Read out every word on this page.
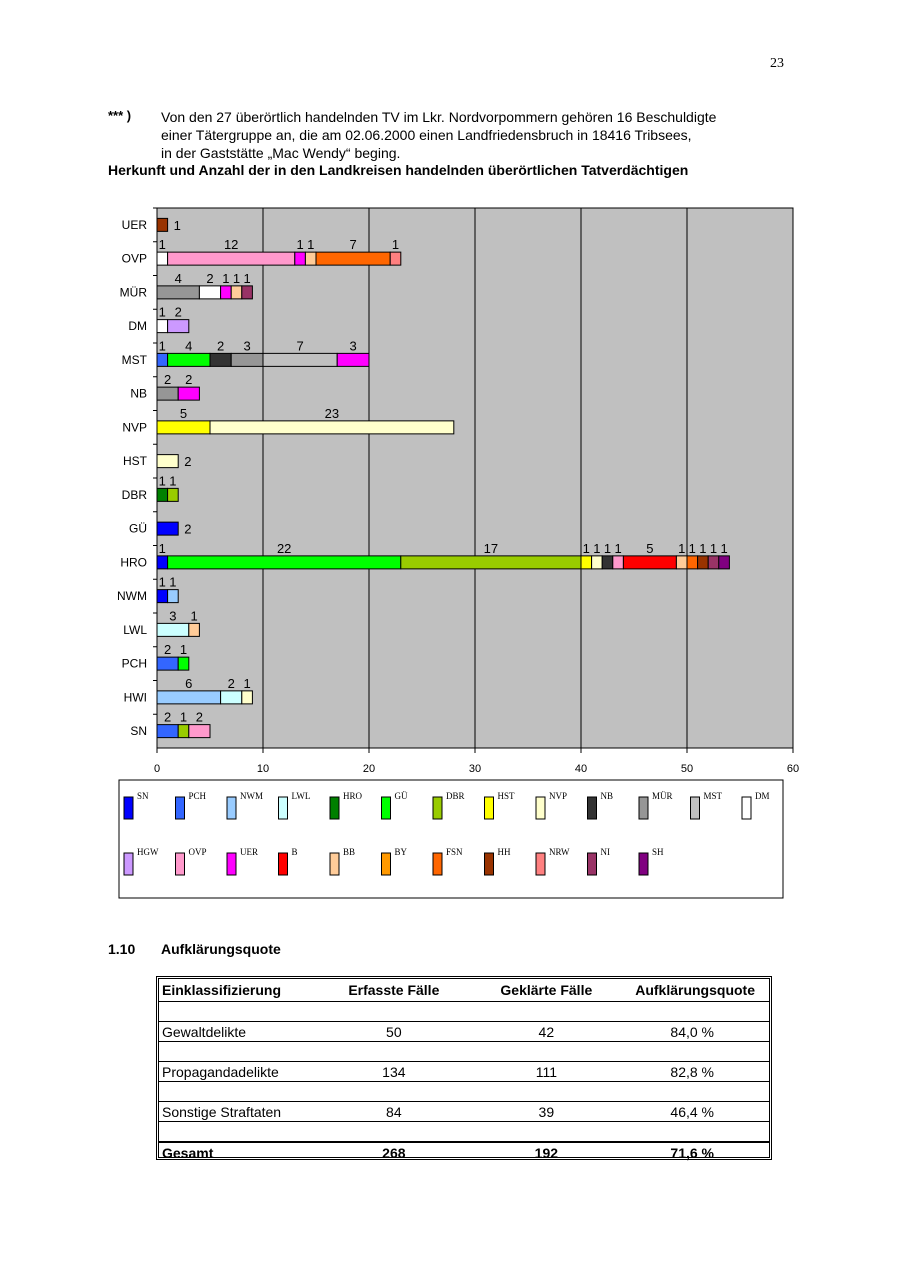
23
*** ) Von den 27 überörtlich handelnden TV im Lkr. Nordvorpommern gehören 16 Beschuldigte
einer Tätergruppe an, die am 02.06.2000 einen Landfriedensbruch in 18416 Tribsees,
in der Gaststätte „Mac Wendy“ beging.
Herkunft und Anzahl der in den Landkreisen handelnden überörtlichen Tatverdächtigen
0	10	20	30	40	50	60
UER 1
OVP
1	12	1 1	7	1
MÜR
4 2 1 1 1
DM
1 2
MST
1 4 2 3	7	3
NB
2 2
NVP
5	23
HST	2
DBR
1 1
GÜ	2
HRO
1	22	17	1 1 1 1 5 1 1 1 1 1
NWM
1 1
LWL
3 1
PCH
2 1
HWI
6	2 1
SN
2 1 2
SN	PCH	NWM	LWL	HRO	GÜ	DBR	HST	NVP	NB	MÜR	MST	DM
HGW	OVP	UER	B	BB	BY	FSN	HH	NRW	NI	SH
1.10 Aufklärungsquote
Einklassifizierung	Erfasste Fälle	Geklärte Fälle	Aufklärungsquote

Gewaltdelikte	50	42	84,0 %

Propagandadelikte	134	111	82,8 %

Sonstige Straftaten	84	39	46,4 %

Gesamt	268	192	71,6 %
